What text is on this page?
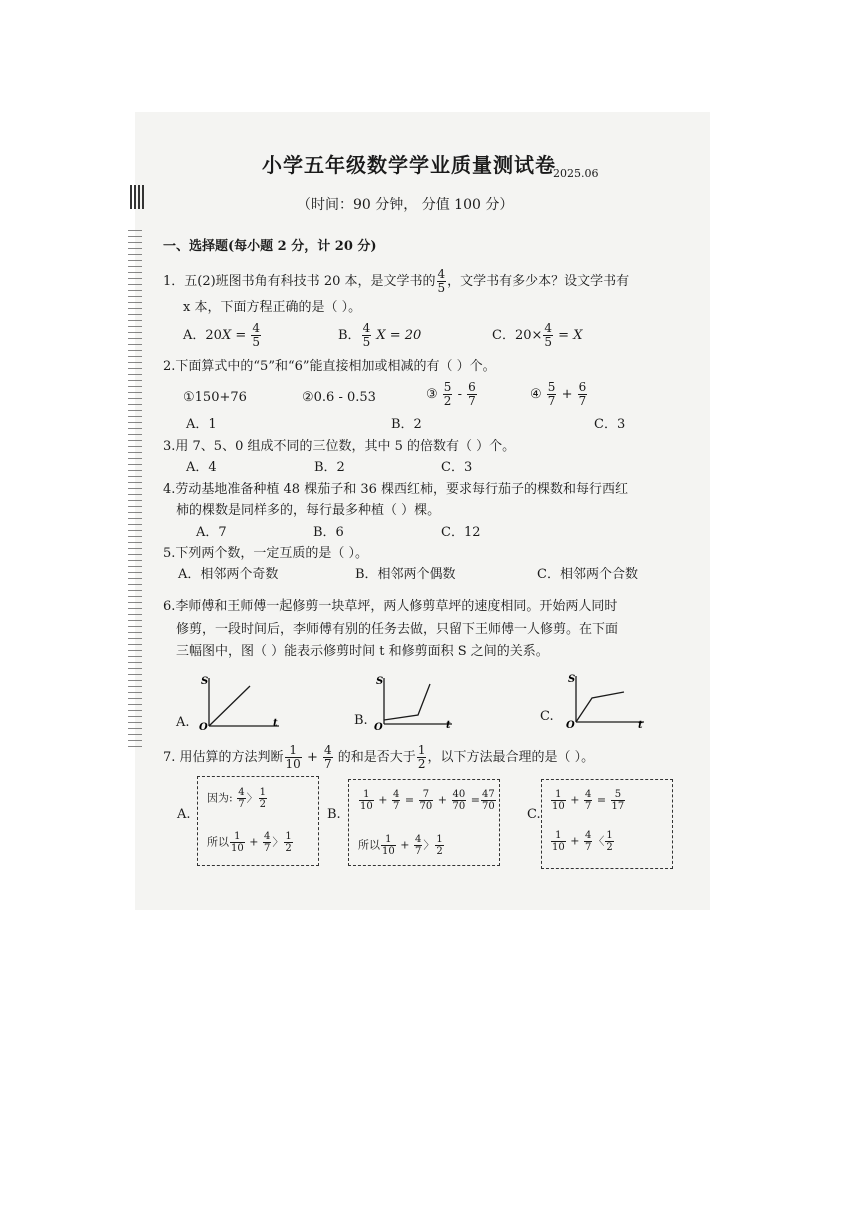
小学五年级数学学业质量测试卷
2025.06
（时间：90 分钟， 分值 100 分）
一、选择题(每小题 2 分，计 20 分)
1．五(2)班图书角有科技书 20 本，是文学书的 $\frac{4}{5}$ ，文学书有多少本？设文学书有
x 本，下面方程正确的是（ ）。
A．$20X = \frac{4}{5}$	B． $\frac{4}{5}$ X = 20	C．$20\times \frac{4}{5} = X$
2.下面算式中的“5”和“6”能直接相加或相减的有（ ）个。
①150+76	②0.6 - 0.53	③ $\frac{5}{2} - \frac{6}{7}$	④ $\frac{5}{7} + \frac{6}{7}$
A．1	B．2	C．3
3.用 7、5、0 组成不同的三位数，其中 5 的倍数有（ ）个。
A．4	B．2	C．3
4.劳动基地准备种植 48 棵茄子和 36 棵西红柿，要求每行茄子的棵数和每行西红
柿的棵数是同样多的，每行最多种植（ ）棵。
A．7	B．6	C．12
5.下列两个数，一定互质的是（ ）。
A．相邻两个奇数	B．相邻两个偶数	C．相邻两个合数
6.李师傅和王师傅一起修剪一块草坪，两人修剪草坪的速度相同。开始两人同时
修剪，一段时间后，李师傅有别的任务去做，只留下王师傅一人修剪。在下面
三幅图中，图（ ）能表示修剪时间 t 和修剪面积 S 之间的关系。
A.
S
O	t	B.
S
O	t
C.
S
O	t
7. 用估算的方法判断 $\frac{1}{10} + \frac{4}{7}$ 的和是否大于 $\frac{1}{2}$ ，以下方法最合理的是（ ）。
A.
因为: $\frac{4}{7}$ 〉 $\frac{1}{2}$
所以 $\frac{1}{10} + \frac{4}{7}$ 〉 $\frac{1}{2}$
B.
$\frac{1}{10} + \frac{4}{7} = \frac{7}{70} + \frac{40}{70} = \frac{47}{70}$
所以 $\frac{1}{10} + \frac{4}{7}$ 〉 $\frac{1}{2}$
C.
$\frac{1}{10} + \frac{4}{7} = \frac{5}{17}$
$\frac{1}{10} + \frac{4}{7}$ 〈 $\frac{1}{2}$
